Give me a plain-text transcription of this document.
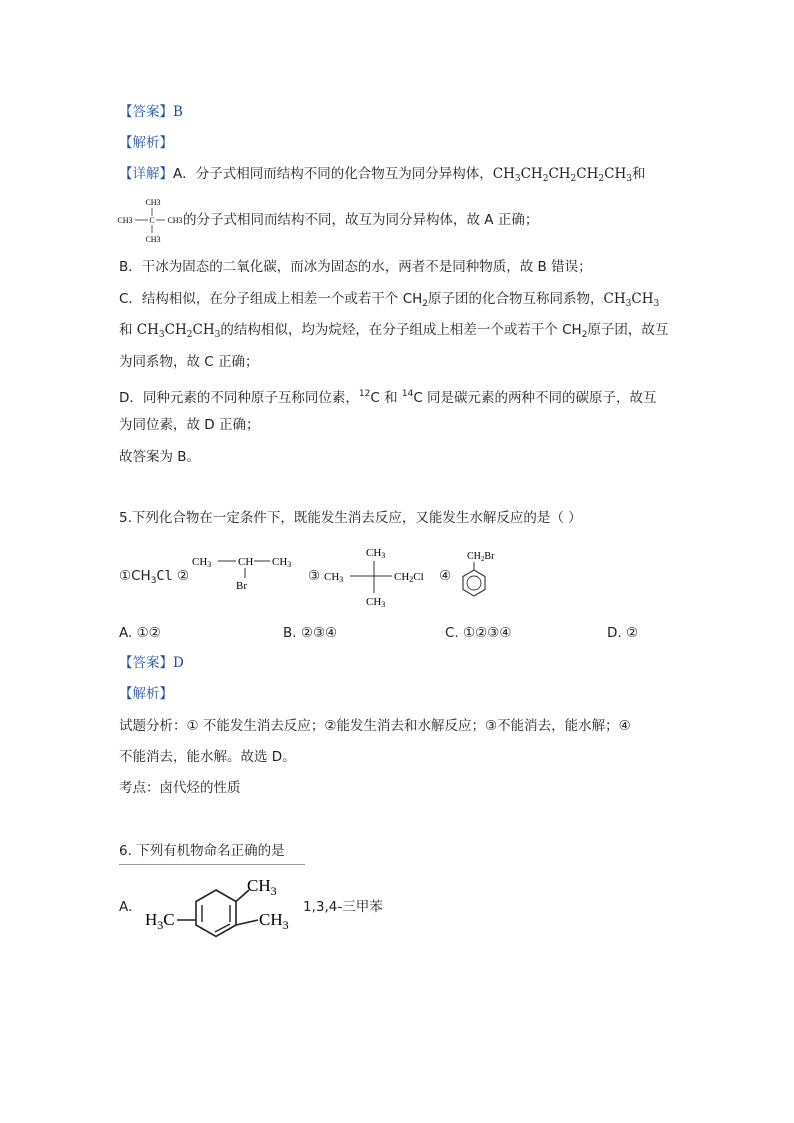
【答案】B
【解析】
【详解】A．分子式相同而结构不同的化合物互为同分异构体，$CH_3CH_2CH_2CH_2CH_3$和
CH3
CH3 C CH3
CH3
的分子式相同而结构不同，故互为同分异构体，故 A 正确；
B．干冰为固态的二氧化碳，而冰为固态的水，两者不是同种物质，故 B 错误；
C．结构相似，在分子组成上相差一个或若干个 $CH_2$原子团的化合物互称同系物，$CH_3CH_3$
和 $CH_3CH_2CH_3$的结构相似，均为烷烃，在分子组成上相差一个或若干个 $CH_2$原子团，故互
为同系物，故 C 正确；
D．同种元素的不同种原子互称同位素，$^{12}$C 和 $^{14}$C 同是碳元素的两种不同的碳原子，故互
为同位素，故 D 正确；
故答案为 B。
5.下列化合物在一定条件下，既能发生消去反应，又能发生水解反应的是（ ）
$①CH_3Cl$ ②
CH3 CH CH3
Br
③
CH3
CH3	CH2Cl
CH3
④
$CH_2Br$
A. ①②	B. ②③④	C. ①②③④	D. ②
【答案】D
【解析】
试题分析：① 不能发生消去反应；②能发生消去和水解反应；③不能消去，能水解；④
不能消去，能水解。故选 D。
考点：卤代烃的性质
6. 下列有机物命名正确的是
A.
$H_3C$
$CH_3$
$CH_3$
1,3,4-三甲苯
